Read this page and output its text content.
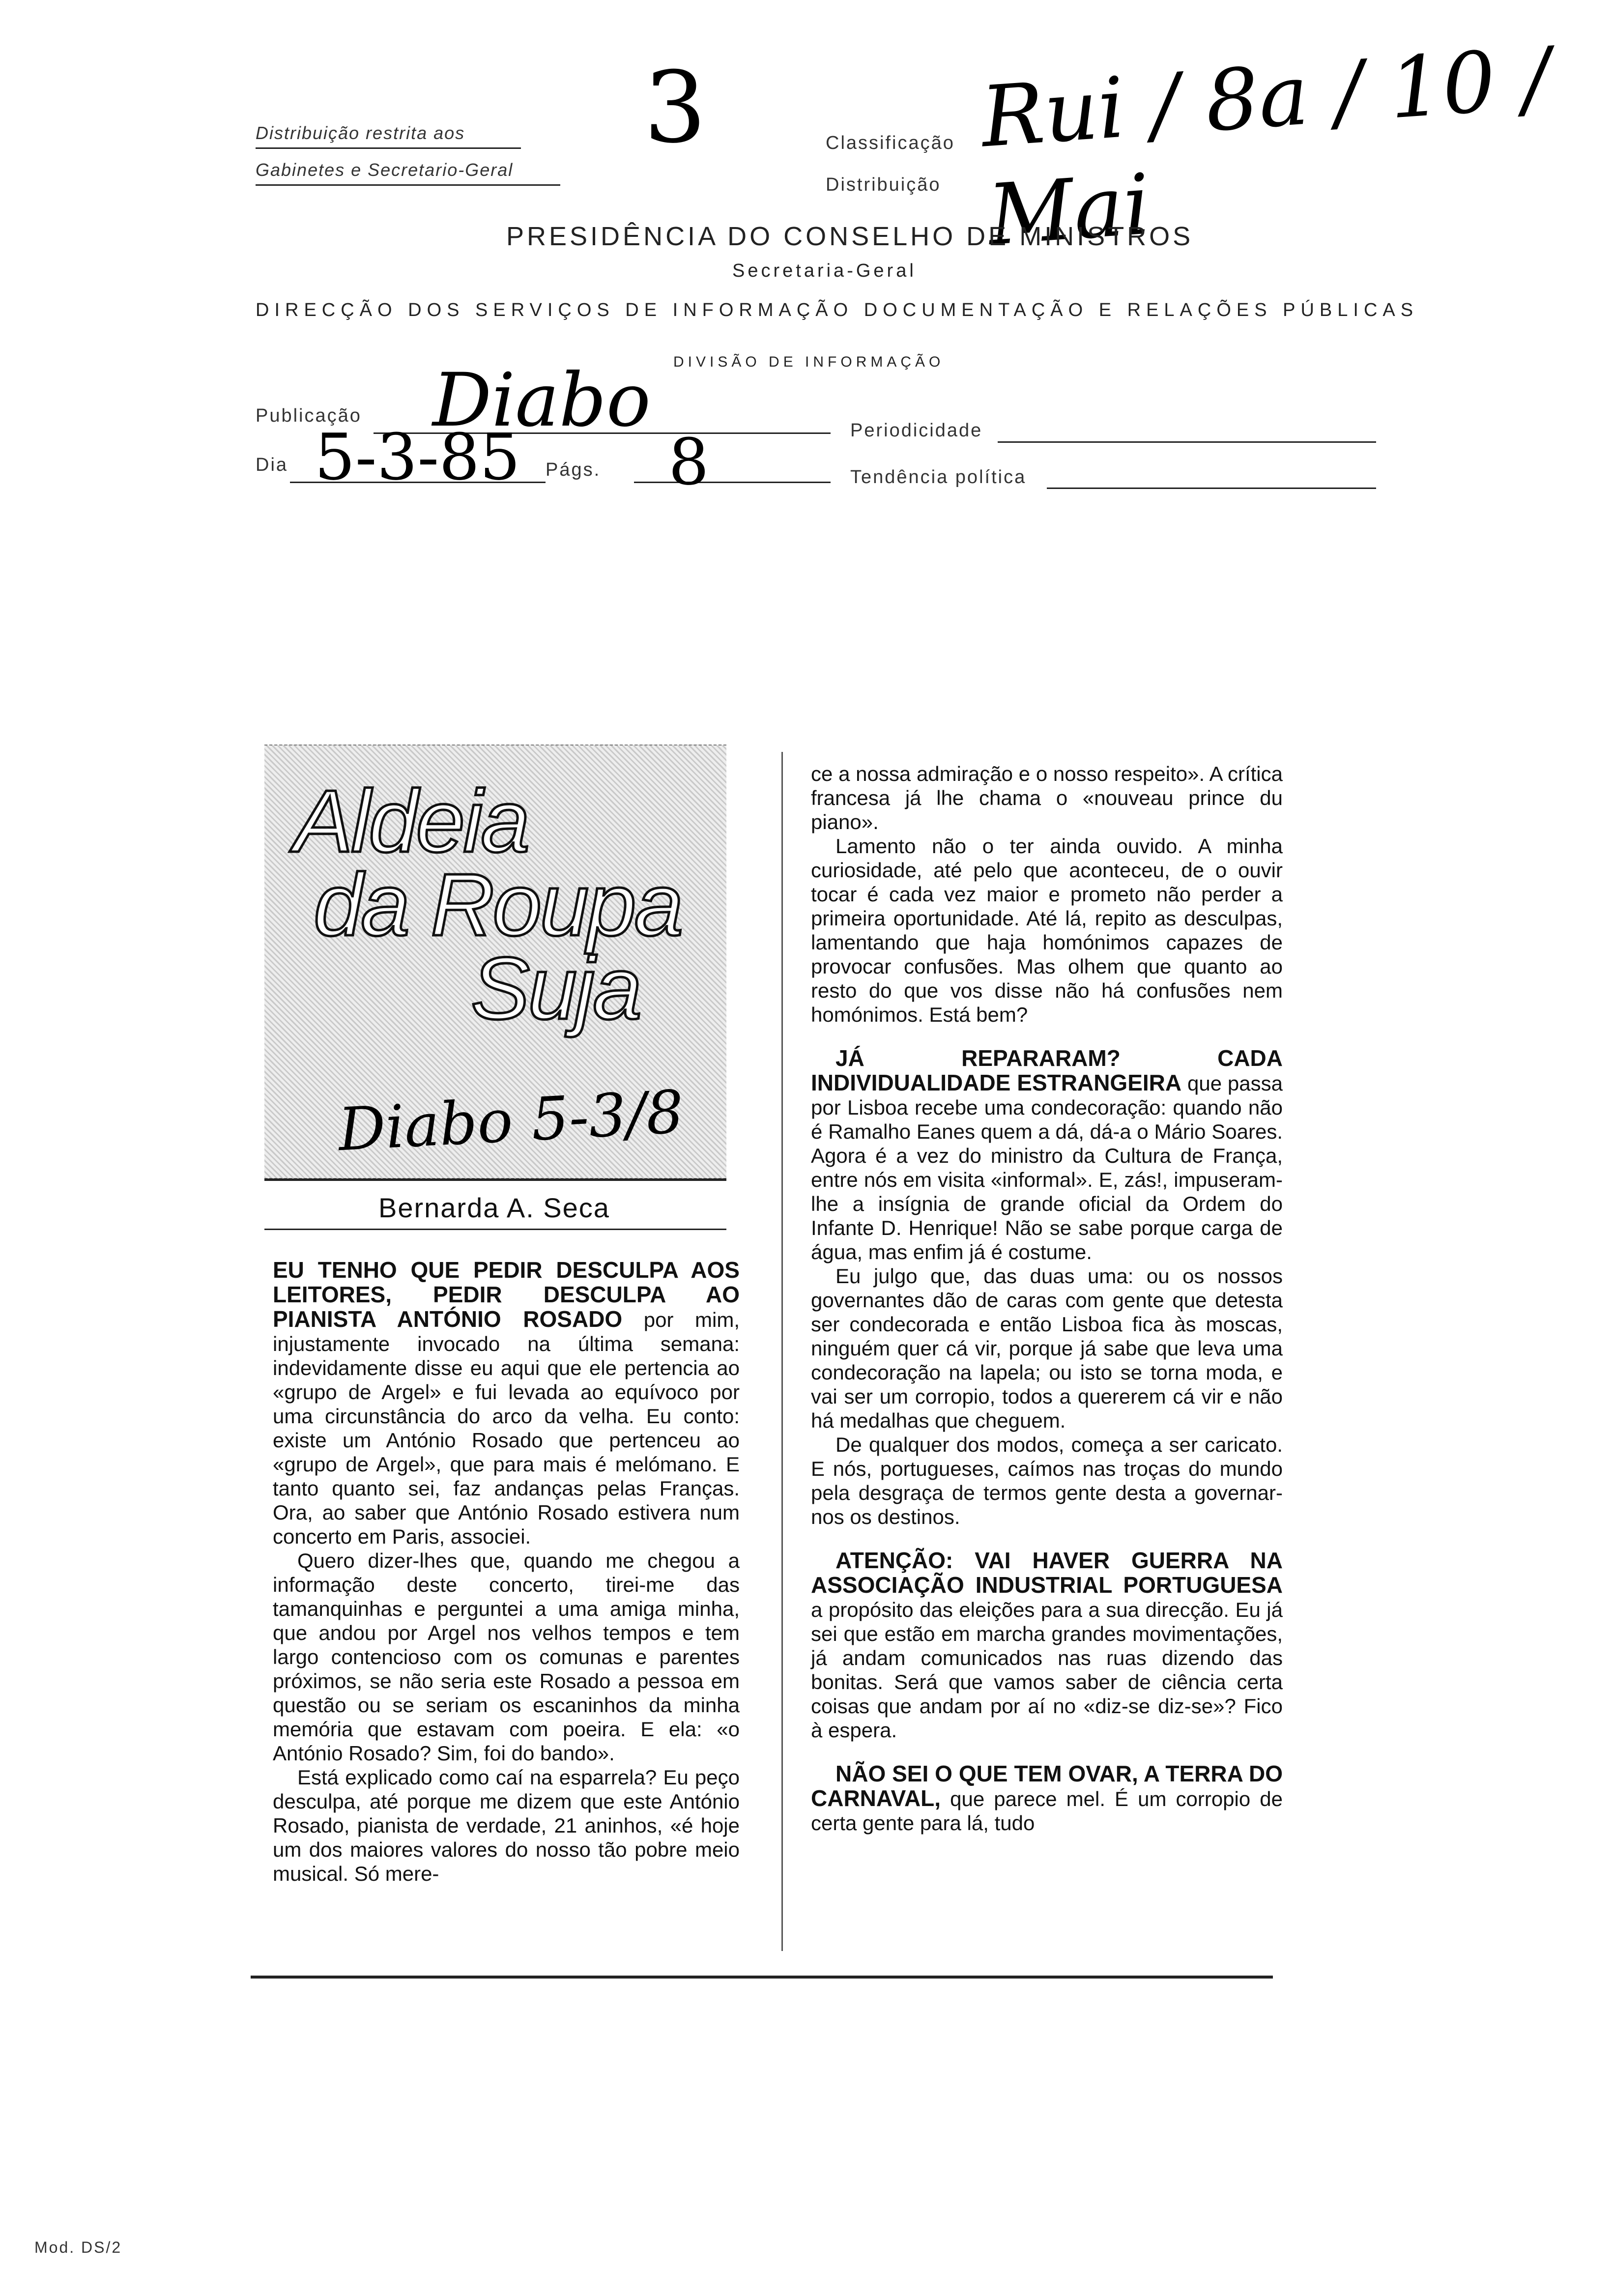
Distribuição restrita aos
Gabinetes e Secretario-Geral
3	Classificação
Distribuição
Rui / 8a / 10 / Mai
PRESIDÊNCIA DO CONSELHO DE MINISTROS
Secretaria-Geral
DIRECÇÃO DOS SERVIÇOS DE INFORMAÇÃO DOCUMENTAÇÃO E RELAÇÕES PÚBLICAS
DIVISÃO DE INFORMAÇÃO
Publicação Diabo	Periodicidade
Dia 5-3-85 Págs. 8	Tendência política
Aldeia
da Roupa
Suja
Diabo 5-3/8
Bernarda A. Seca

EU TENHO QUE PEDIR DESCULPA AOS LEITORES, PEDIR DESCULPA AO PIANISTA ANTÓNIO ROSADO por mim, injustamente invocado na última semana: indevidamente disse eu aqui que ele pertencia ao «grupo de Argel» e fui levada ao equívoco por uma circunstância do arco da velha. Eu conto: existe um António Rosado que pertenceu ao «grupo de Argel», que para mais é melómano. E tanto quanto sei, faz andanças pelas Franças. Ora, ao saber que António Rosado estivera num concerto em Paris, associei.

Quero dizer-lhes que, quando me chegou a informação deste concerto, tirei-me das tamanquinhas e perguntei a uma amiga minha, que andou por Argel nos velhos tempos e tem largo contencioso com os comunas e parentes próximos, se não seria este Rosado a pessoa em questão ou se seriam os escaninhos da minha memória que estavam com poeira. E ela: «o António Rosado? Sim, foi do bando».

Está explicado como caí na esparrela? Eu peço desculpa, até porque me dizem que este António Rosado, pianista de verdade, 21 aninhos, «é hoje um dos maiores valores do nosso tão pobre meio musical. Só mere-

ce a nossa admiração e o nosso respeito». A crítica francesa já lhe chama o «nouveau prince du piano».

Lamento não o ter ainda ouvido. A minha curiosidade, até pelo que aconteceu, de o ouvir tocar é cada vez maior e prometo não perder a primeira oportunidade. Até lá, repito as desculpas, lamentando que haja homónimos capazes de provocar confusões. Mas olhem que quanto ao resto do que vos disse não há confusões nem homónimos. Está bem?

JÁ REPARARAM? CADA INDIVIDUALIDADE ESTRANGEIRA que passa por Lisboa recebe uma condecoração: quando não é Ramalho Eanes quem a dá, dá-a o Mário Soares. Agora é a vez do ministro da Cultura de França, entre nós em visita «informal». E, zás!, impuseram-lhe a insígnia de grande oficial da Ordem do Infante D. Henrique! Não se sabe porque carga de água, mas enfim já é costume.

Eu julgo que, das duas uma: ou os nossos governantes dão de caras com gente que detesta ser condecorada e então Lisboa fica às moscas, ninguém quer cá vir, porque já sabe que leva uma condecoração na lapela; ou isto se torna moda, e vai ser um corropio, todos a quererem cá vir e não há medalhas que cheguem.

De qualquer dos modos, começa a ser caricato. E nós, portugueses, caímos nas troças do mundo pela desgraça de termos gente desta a governar-nos os destinos.

ATENÇÃO: VAI HAVER GUERRA NA ASSOCIAÇÃO INDUSTRIAL PORTUGUESA a propósito das eleições para a sua direcção. Eu já sei que estão em marcha grandes movimentações, já andam comunicados nas ruas dizendo das bonitas. Será que vamos saber de ciência certa coisas que andam por aí no «diz-se diz-se»? Fico à espera.

NÃO SEI O QUE TEM OVAR, A TERRA DO CARNAVAL, que parece mel. É um corropio de certa gente para lá, tudo

Mod. DS/2
